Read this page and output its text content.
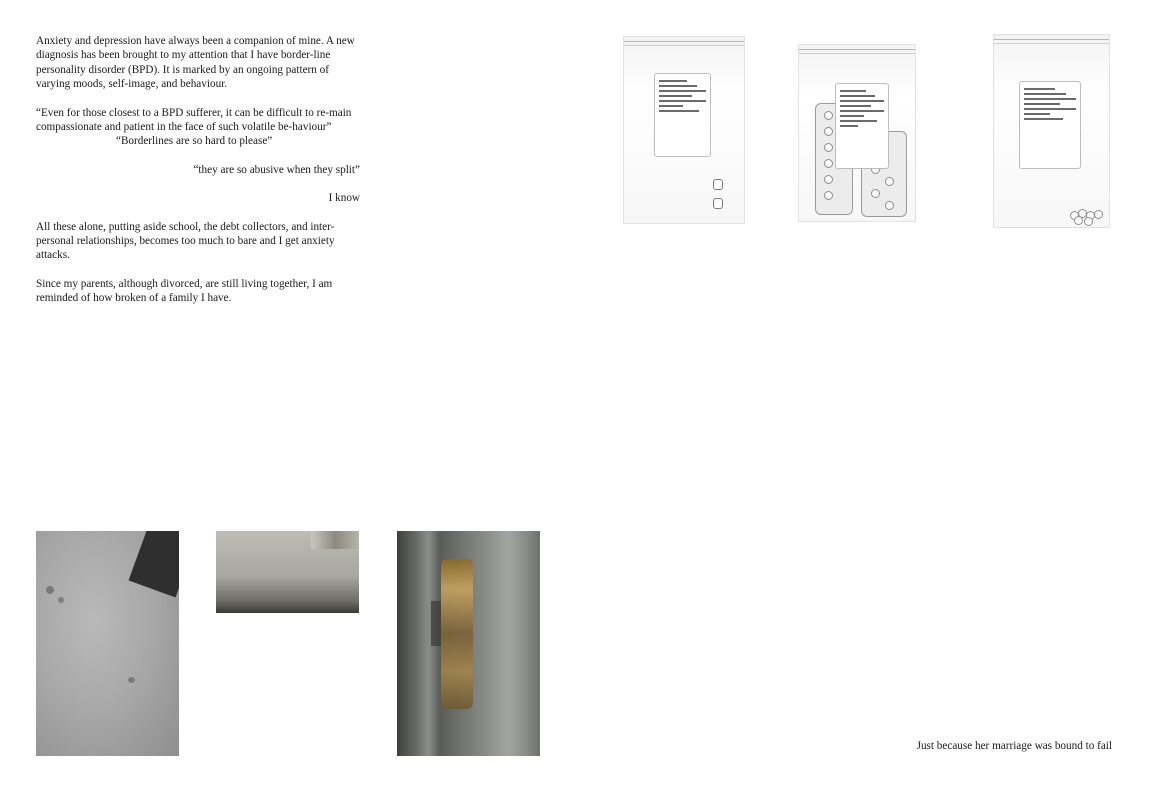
Anxiety and depression have always been a companion of mine. A new diagnosis has been brought to my attention that I have border-line personality disorder (BPD). It is marked by an ongoing pattern of varying moods, self-image, and behaviour.

“Even for those closest to a BPD sufferer, it can be difficult to re-main compassionate and patient in the face of such volatile be-haviour”

“Borderlines are so hard to please”

“they are so abusive when they split”

I know

All these alone, putting aside school, the debt collectors, and inter-personal relationships, becomes too much to bare and I get anxiety attacks.

Since my parents, although divorced, are still living together, I am reminded of how broken of a family I have.

Just because her marriage was bound to fail
